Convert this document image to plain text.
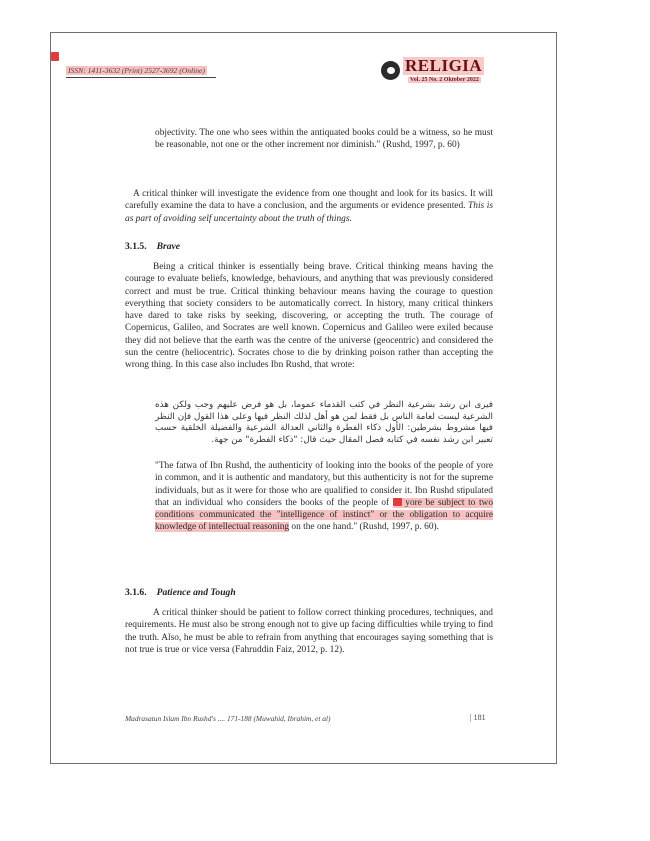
ISSN: 1411-3632 (Print) 2527-3692 (Online)	RELIGIA
Vol. 25 No. 2 Oktober 2022
objectivity. The one who sees within the antiquated books could be a witness, so he must be reasonable, not one or the other increment nor diminish." (Rushd, 1997, p. 60)
A critical thinker will investigate the evidence from one thought and look for its basics. It will carefully examine the data to have a conclusion, and the arguments or evidence presented. This is as part of avoiding self uncertainty about the truth of things.
3.1.5. Brave
Being a critical thinker is essentially being brave. Critical thinking means having the courage to evaluate beliefs, knowledge, behaviours, and anything that was previously considered correct and must be true. Critical thinking behaviour means having the courage to question everything that society considers to be automatically correct. In history, many critical thinkers have dared to take risks by seeking, discovering, or accepting the truth. The courage of Copernicus, Galileo, and Socrates are well known. Copernicus and Galileo were exiled because they did not believe that the earth was the centre of the universe (geocentric) and considered the sun the centre (heliocentric). Socrates chose to die by drinking poison rather than accepting the wrong thing. In this case also includes Ibn Rushd, that wrote:
فيرى ابن رشد بشرعية النظر في كتب القدماء عموما، بل هو فرض عليهم وجب ولكن هذه الشرعية ليست لعامة الناس بل فقط لمن هو أهل لذلك النظر فيها وعلى هذا القول فإن النظر فيها مشروط بشرطين: الأول ذكاء الفطرة والثاني العدالة الشرعية والفضيلة الخلقية حسب تعبير ابن رشد نفسه في كتابه فصل المقال حيث قال: "ذكاء الفطرة" من جهة.
"The fatwa of Ibn Rushd, the authenticity of looking into the books of the people of yore in common, and it is authentic and mandatory, but this authenticity is not for the supreme individuals, but as it were for those who are qualified to consider it. Ibn Rushd stipulated that an individual who considers the books of the people of yore be subject to two conditions communicated the "intelligence of instinct" or the obligation to acquire knowledge of intellectual reasoning on the one hand." (Rushd, 1997, p. 60).
3.1.6. Patience and Tough
A critical thinker should be patient to follow correct thinking procedures, techniques, and requirements. He must also be strong enough not to give up facing difficulties while trying to find the truth. Also, he must be able to refrain from anything that encourages saying something that is not true is true or vice versa (Fahruddin Faiz, 2012, p. 12).
Madrasatun Islam Ibn Rushd's .... 171-188 (Muwahid, Ibrahim, et al)	| 181
